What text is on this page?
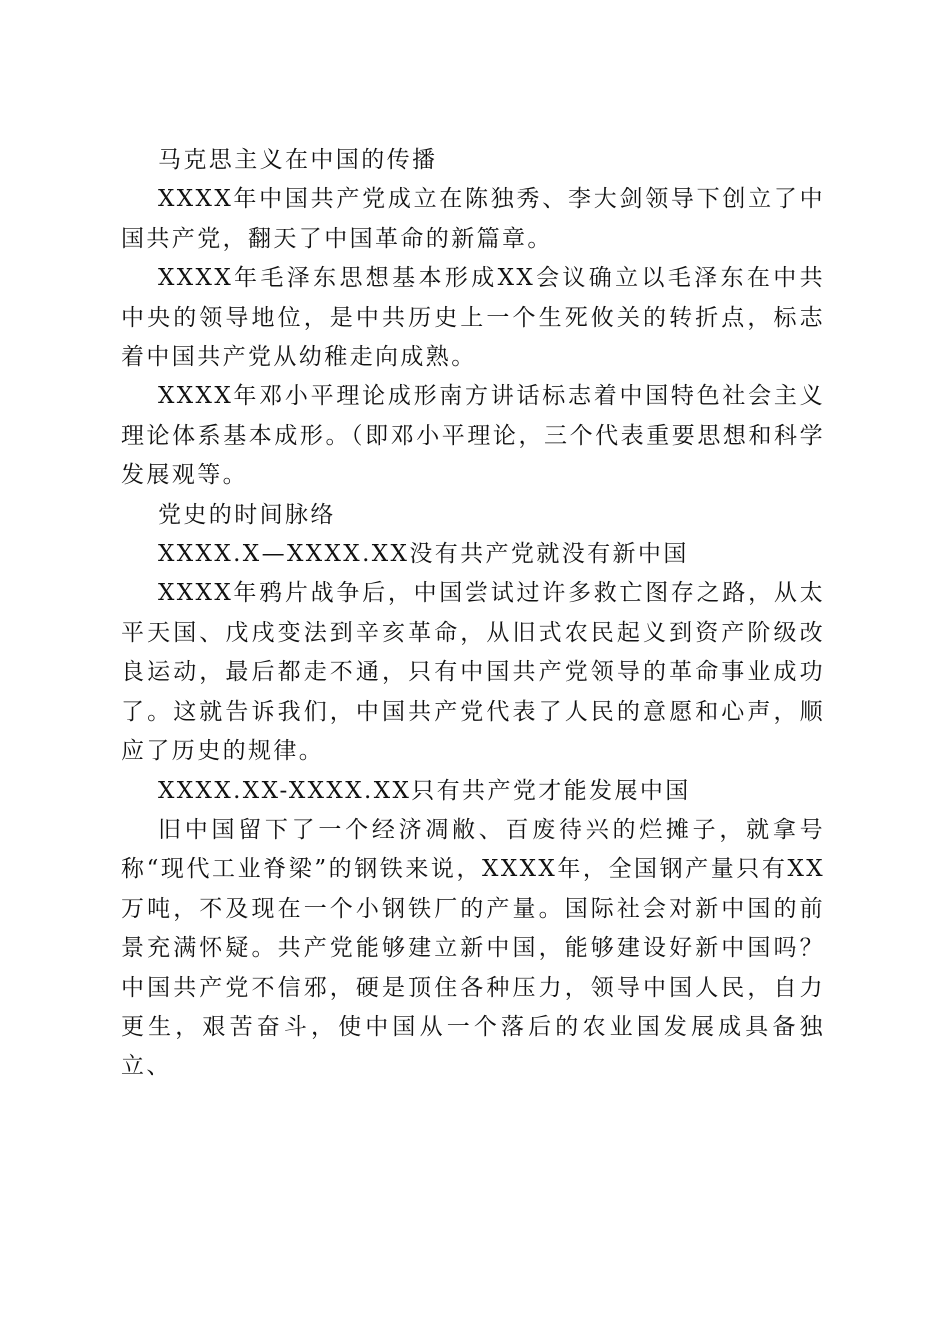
马克思主义在中国的传播

XXXX年中国共产党成立在陈独秀、李大剑领导下创立了中国共产党，翻天了中国革命的新篇章。

XXXX年毛泽东思想基本形成XX会议确立以毛泽东在中共中央的领导地位，是中共历史上一个生死攸关的转折点，标志着中国共产党从幼稚走向成熟。

XXXX年邓小平理论成形南方讲话标志着中国特色社会主义理论体系基本成形。（即邓小平理论，三个代表重要思想和科学发展观等。

党史的时间脉络

XXXX.X—XXXX.XX没有共产党就没有新中国

XXXX年鸦片战争后，中国尝试过许多救亡图存之路，从太平天国、戊戌变法到辛亥革命，从旧式农民起义到资产阶级改良运动，最后都走不通，只有中国共产党领导的革命事业成功了。这就告诉我们，中国共产党代表了人民的意愿和心声，顺应了历史的规律。

XXXX.XX-XXXX.XX只有共产党才能发展中国

旧中国留下了一个经济凋敝、百废待兴的烂摊子，就拿号称“现代工业脊梁”的钢铁来说，XXXX年，全国钢产量只有XX万吨，不及现在一个小钢铁厂的产量。国际社会对新中国的前景充满怀疑。共产党能够建立新中国，能够建设好新中国吗？中国共产党不信邪，硬是顶住各种压力，领导中国人民，自力更生，艰苦奋斗，使中国从一个落后的农业国发展成具备独立、
